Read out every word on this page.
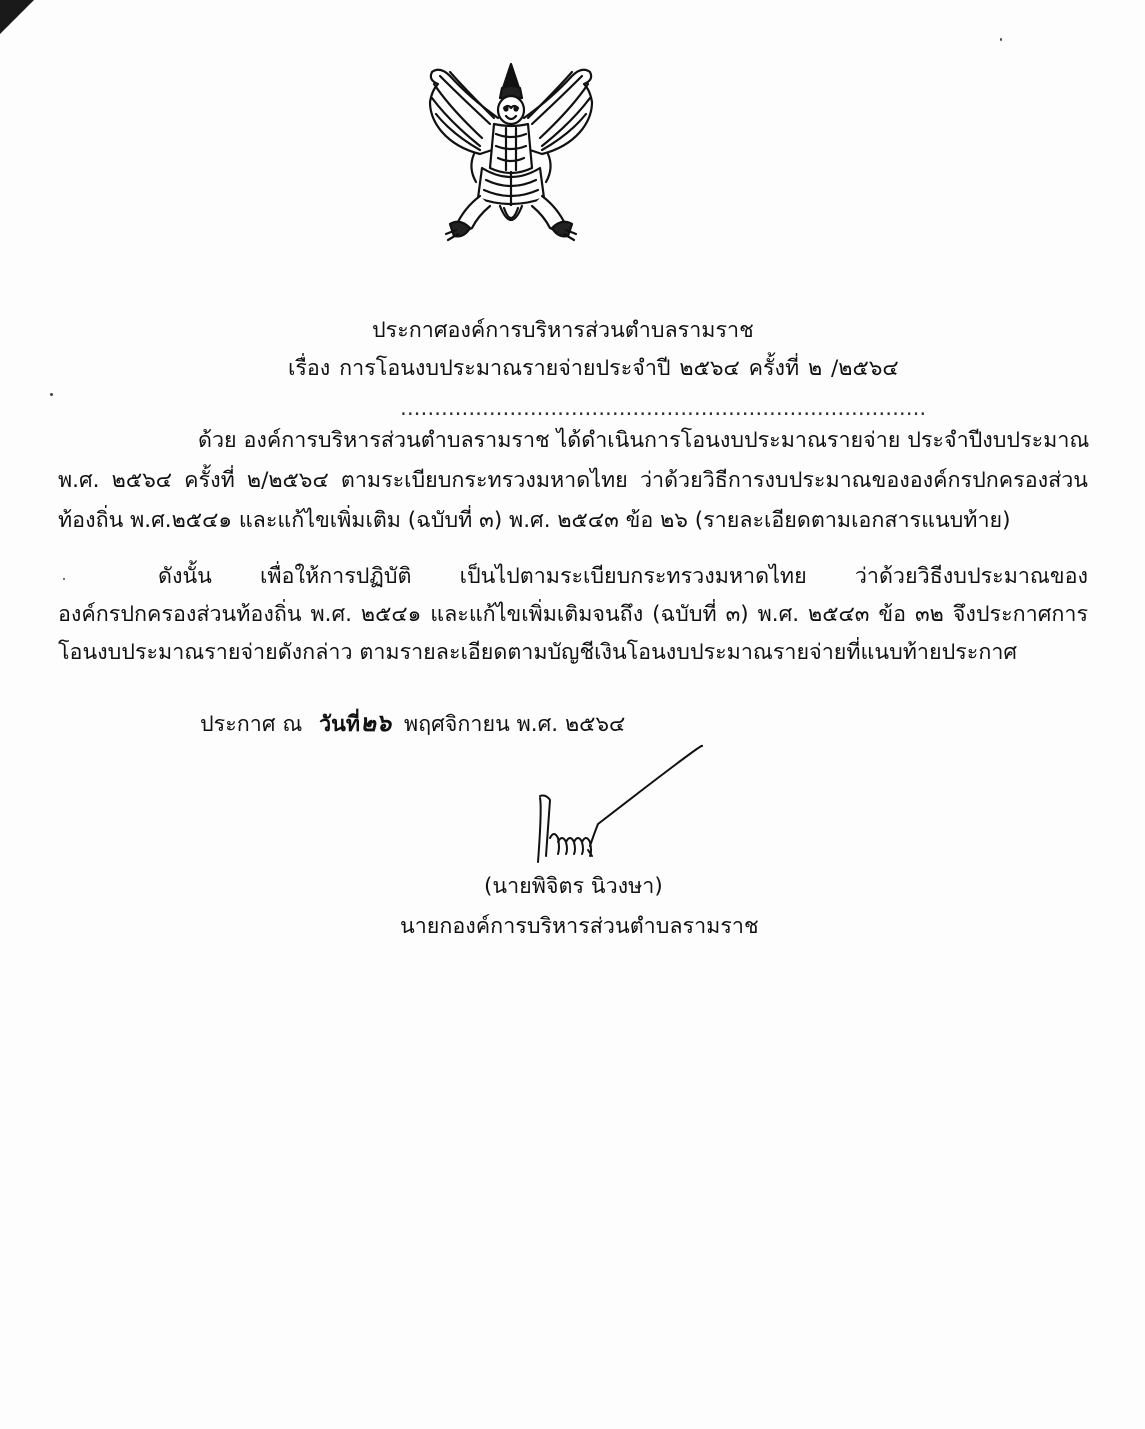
ประกาศองค์การบริหารส่วนตำบลรามราช
เรื่อง การโอนงบประมาณรายจ่ายประจำปี ๒๕๖๔ ครั้งที่ ๒ /๒๕๖๔
.............................................................................
ด้วย องค์การบริหารส่วนตำบลรามราช ได้ดำเนินการโอนงบประมาณรายจ่าย ประจำปีงบประมาณ
พ.ศ. ๒๕๖๔ ครั้งที่ ๒/๒๕๖๔ ตามระเบียบกระทรวงมหาดไทย ว่าด้วยวิธีการงบประมาณขององค์กรปกครองส่วน
ท้องถิ่น พ.ศ.๒๕๔๑ และแก้ไขเพิ่มเติม (ฉบับที่ ๓) พ.ศ. ๒๕๔๓ ข้อ ๒๖ (รายละเอียดตามเอกสารแนบท้าย)
ดังนั้น เพื่อให้การปฏิบัติ เป็นไปตามระเบียบกระทรวงมหาดไทย ว่าด้วยวิธีงบประมาณของ
องค์กรปกครองส่วนท้องถิ่น พ.ศ. ๒๕๔๑ และแก้ไขเพิ่มเติมจนถึง (ฉบับที่ ๓) พ.ศ. ๒๕๔๓ ข้อ ๓๒ จึงประกาศการ
โอนงบประมาณรายจ่ายดังกล่าว ตามรายละเอียดตามบัญชีเงินโอนงบประมาณรายจ่ายที่แนบท้ายประกาศ
ประกาศ ณ วันที่๒๖ พฤศจิกายน พ.ศ. ๒๕๖๔
(นายพิจิตร นิวงษา)
นายกองค์การบริหารส่วนตำบลรามราช
